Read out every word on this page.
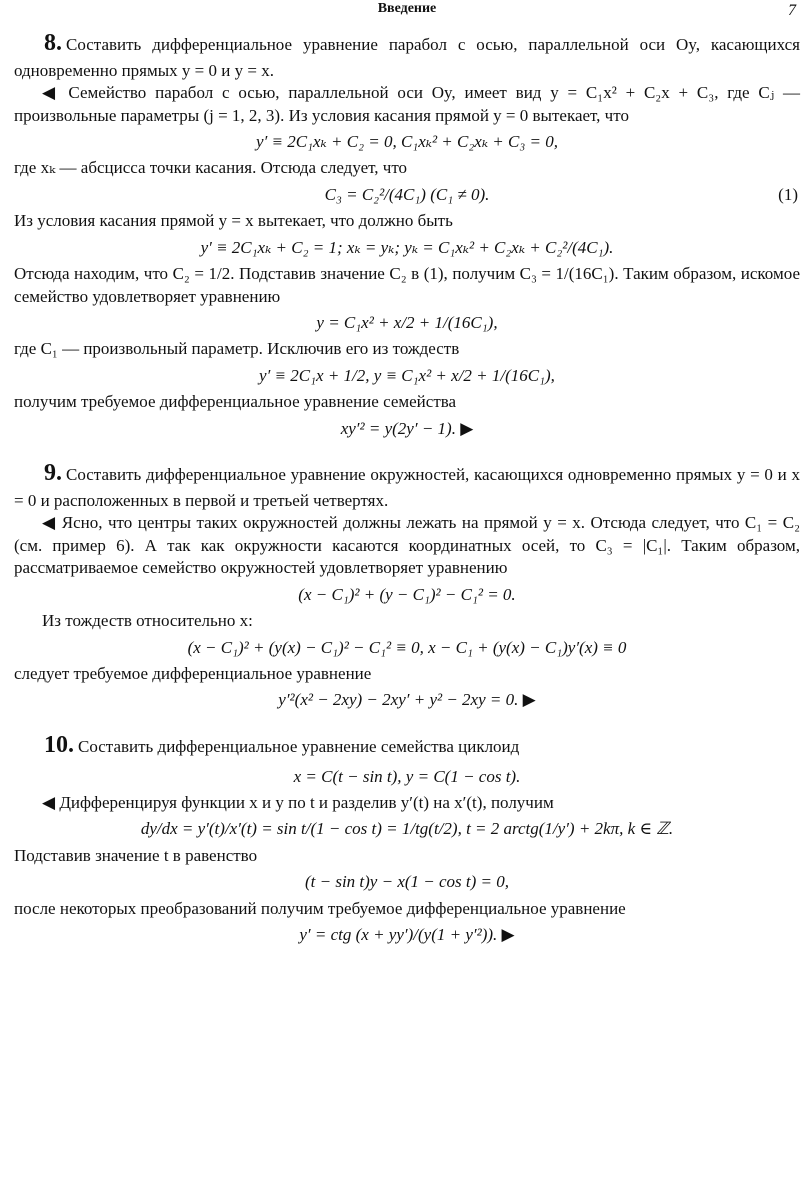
Введение	7

8. Составить дифференциальное уравнение парабол с осью, параллельной оси Oy, касающихся одновременно прямых y = 0 и y = x.

◀ Семейство парабол с осью, параллельной оси Oy, имеет вид y = C₁x² + C₂x + C₃, где Cⱼ — произвольные параметры (j = 1, 2, 3). Из условия касания прямой y = 0 вытекает, что

y′ ≡ 2C₁xₖ + C₂ = 0, C₁xₖ² + C₂xₖ + C₃ = 0,

где xₖ — абсцисса точки касания. Отсюда следует, что

C₃ = C₂²/(4C₁) (C₁ ≠ 0).	(1)

Из условия касания прямой y = x вытекает, что должно быть

y′ ≡ 2C₁xₖ + C₂ = 1; xₖ = yₖ; yₖ = C₁xₖ² + C₂xₖ + C₂²/(4C₁).

Отсюда находим, что C₂ = 1/2. Подставив значение C₂ в (1), получим C₃ = 1/(16C₁). Таким образом, искомое семейство удовлетворяет уравнению

y = C₁x² + x/2 + 1/(16C₁),

где C₁ — произвольный параметр. Исключив его из тождеств

y′ ≡ 2C₁x + 1/2, y ≡ C₁x² + x/2 + 1/(16C₁),

получим требуемое дифференциальное уравнение семейства

xy′² = y(2y′ − 1). ▶

9. Составить дифференциальное уравнение окружностей, касающихся одновременно прямых y = 0 и x = 0 и расположенных в первой и третьей четвертях.

◀ Ясно, что центры таких окружностей должны лежать на прямой y = x. Отсюда следует, что C₁ = C₂ (см. пример 6). А так как окружности касаются координатных осей, то C₃ = |C₁|. Таким образом, рассматриваемое семейство окружностей удовлетворяет уравнению

(x − C₁)² + (y − C₁)² − C₁² = 0.

Из тождеств относительно x:

(x − C₁)² + (y(x) − C₁)² − C₁² ≡ 0, x − C₁ + (y(x) − C₁)y′(x) ≡ 0

следует требуемое дифференциальное уравнение

y′²(x² − 2xy) − 2xy′ + y² − 2xy = 0. ▶

10. Составить дифференциальное уравнение семейства циклоид

x = C(t − sin t), y = C(1 − cos t).

◀ Дифференцируя функции x и y по t и разделив y′(t) на x′(t), получим

dy/dx = y′(t)/x′(t) = sin t/(1 − cos t) = 1/tg(t/2), t = 2 arctg(1/y′) + 2kπ, k ∈ ℤ.

Подставив значение t в равенство

(t − sin t)y − x(1 − cos t) = 0,

после некоторых преобразований получим требуемое дифференциальное уравнение

y′ = ctg (x + yy′)/(y(1 + y′²)). ▶
